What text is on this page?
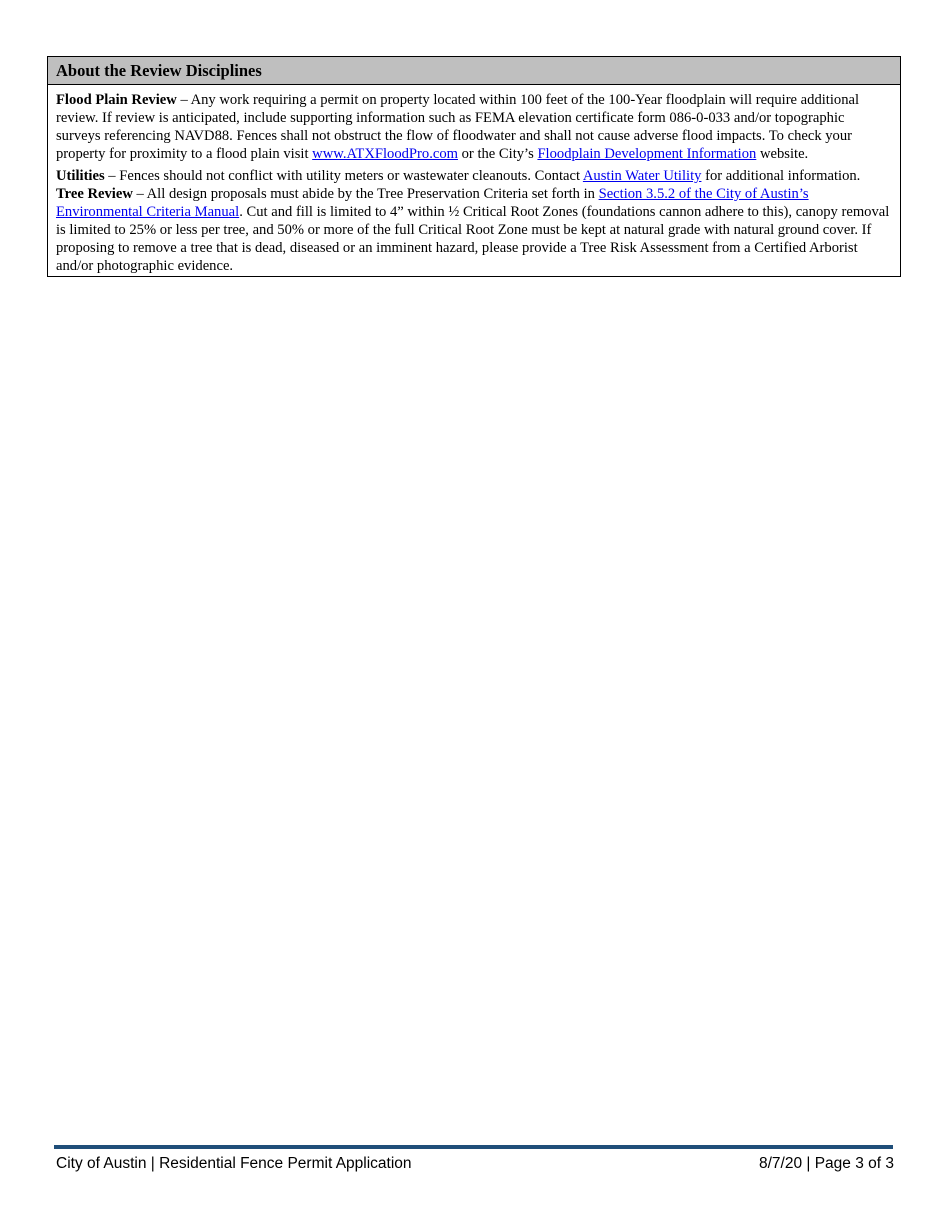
About the Review Disciplines

Flood Plain Review – Any work requiring a permit on property located within 100 feet of the 100-Year floodplain will require additional review. If review is anticipated, include supporting information such as FEMA elevation certificate form 086-0-033 and/or topographic surveys referencing NAVD88. Fences shall not obstruct the flow of floodwater and shall not cause adverse flood impacts. To check your property for proximity to a flood plain visit www.ATXFloodPro.com or the City’s Floodplain Development Information website.

Utilities – Fences should not conflict with utility meters or wastewater cleanouts. Contact Austin Water Utility for additional information.

Tree Review – All design proposals must abide by the Tree Preservation Criteria set forth in Section 3.5.2 of the City of Austin’s Environmental Criteria Manual. Cut and fill is limited to 4” within ½ Critical Root Zones (foundations cannon adhere to this), canopy removal is limited to 25% or less per tree, and 50% or more of the full Critical Root Zone must be kept at natural grade with natural ground cover. If proposing to remove a tree that is dead, diseased or an imminent hazard, please provide a Tree Risk Assessment from a Certified Arborist and/or photographic evidence.

City of Austin | Residential Fence Permit Application	8/7/20 | Page 3 of 3
